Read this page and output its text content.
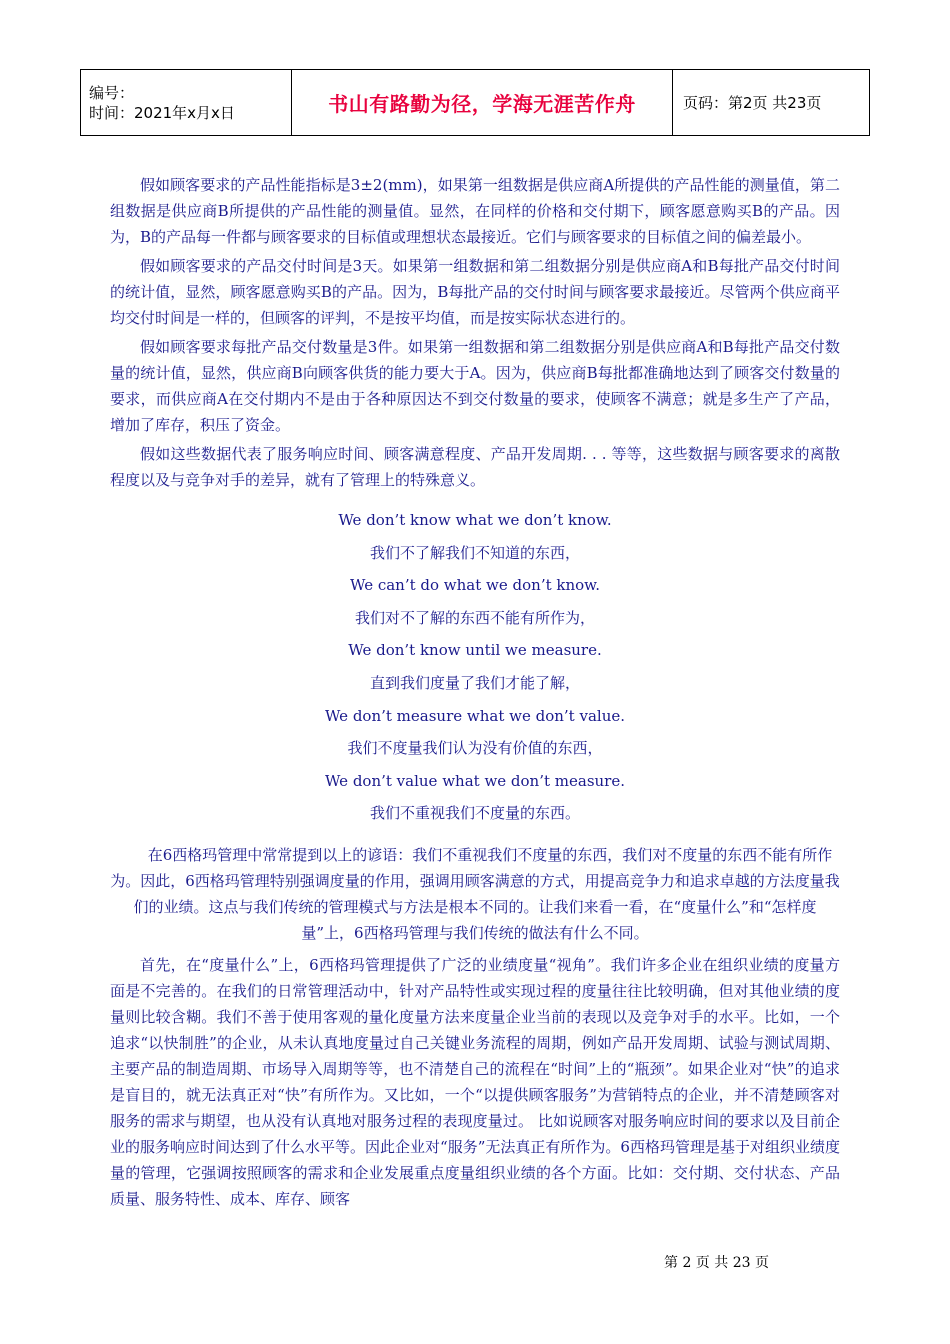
编号：
时间：2021年x月x日	书山有路勤为径，学海无涯苦作舟	页码：第2页 共23页

假如顾客要求的产品性能指标是3±2(mm)，如果第一组数据是供应商A所提供的产品性能的测量值，第二组数据是供应商B所提供的产品性能的测量值。显然，在同样的价格和交付期下，顾客愿意购买B的产品。因为，B的产品每一件都与顾客要求的目标值或理想状态最接近。它们与顾客要求的目标值之间的偏差最小。

假如顾客要求的产品交付时间是3天。如果第一组数据和第二组数据分别是供应商A和B每批产品交付时间的统计值，显然，顾客愿意购买B的产品。因为，B每批产品的交付时间与顾客要求最接近。尽管两个供应商平均交付时间是一样的，但顾客的评判，不是按平均值，而是按实际状态进行的。

假如顾客要求每批产品交付数量是3件。如果第一组数据和第二组数据分别是供应商A和B每批产品交付数量的统计值，显然，供应商B向顾客供货的能力要大于A。因为，供应商B每批都准确地达到了顾客交付数量的要求，而供应商A在交付期内不是由于各种原因达不到交付数量的要求，使顾客不满意；就是多生产了产品，增加了库存，积压了资金。

假如这些数据代表了服务响应时间、顾客满意程度、产品开发周期. . . 等等，这些数据与顾客要求的离散程度以及与竞争对手的差异，就有了管理上的特殊意义。

We don’t know what we don’t know.

我们不了解我们不知道的东西，

We can’t do what we don’t know.

我们对不了解的东西不能有所作为，

We don’t know until we measure.

直到我们度量了我们才能了解，

We don’t measure what we don’t value.

我们不度量我们认为没有价值的东西，

We don’t value what we don’t measure.

我们不重视我们不度量的东西。

在6西格玛管理中常常提到以上的谚语：我们不重视我们不度量的东西，我们对不度量的东西不能有所作为。因此，6西格玛管理特别强调度量的作用，强调用顾客满意的方式，用提高竞争力和追求卓越的方法度量我们的业绩。这点与我们传统的管理模式与方法是根本不同的。让我们来看一看，在“度量什么”和“怎样度量”上，6西格玛管理与我们传统的做法有什么不同。

首先，在“度量什么”上，6西格玛管理提供了广泛的业绩度量“视角”。我们许多企业在组织业绩的度量方面是不完善的。在我们的日常管理活动中，针对产品特性或实现过程的度量往往比较明确，但对其他业绩的度量则比较含糊。我们不善于使用客观的量化度量方法来度量企业当前的表现以及竞争对手的水平。比如，一个追求“以快制胜”的企业，从未认真地度量过自己关键业务流程的周期，例如产品开发周期、试验与测试周期、主要产品的制造周期、市场导入周期等等，也不清楚自己的流程在“时间”上的“瓶颈”。如果企业对“快”的追求是盲目的，就无法真正对“快”有所作为。又比如，一个“以提供顾客服务”为营销特点的企业，并不清楚顾客对服务的需求与期望，也从没有认真地对服务过程的表现度量过。 比如说顾客对服务响应时间的要求以及目前企业的服务响应时间达到了什么水平等。因此企业对“服务”无法真正有所作为。6西格玛管理是基于对组织业绩度量的管理，它强调按照顾客的需求和企业发展重点度量组织业绩的各个方面。比如：交付期、交付状态、产品质量、服务特性、成本、库存、顾客

第 2 页 共 23 页
